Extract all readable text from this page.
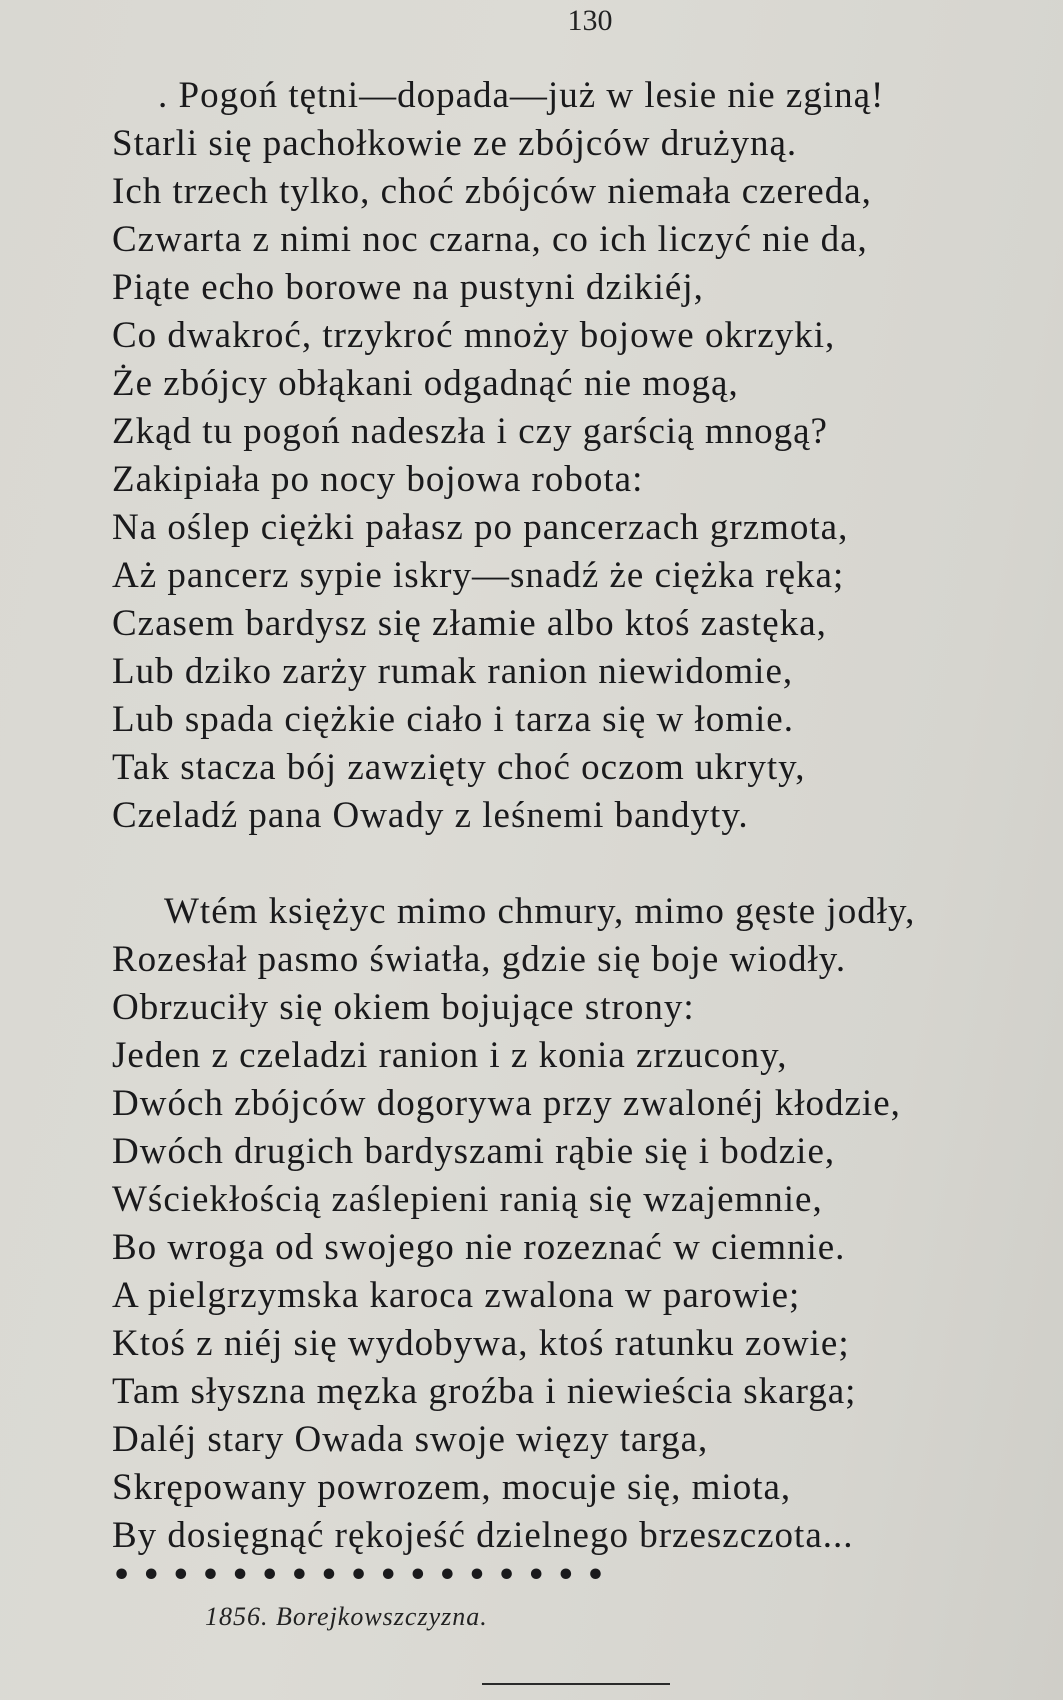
130
. Pogoń tętni—dopada—już w lesie nie zginą!
Starli się pachołkowie ze zbójców drużyną.
Ich trzech tylko, choć zbójców niemała czereda,
Czwarta z nimi noc czarna, co ich liczyć nie da,
Piąte echo borowe na pustyni dzikiéj,
Co dwakroć, trzykroć mnoży bojowe okrzyki,
Że zbójcy obłąkani odgadnąć nie mogą,
Zkąd tu pogoń nadeszła i czy garścią mnogą?
Zakipiała po nocy bojowa robota:
Na oślep ciężki pałasz po pancerzach grzmota,
Aż pancerz sypie iskry—snadź że ciężka ręka;
Czasem bardysz się złamie albo ktoś zastęka,
Lub dziko zarży rumak ranion niewidomie,
Lub spada ciężkie ciało i tarza się w łomie.
Tak stacza bój zawzięty choć oczom ukryty,
Czeladź pana Owady z leśnemi bandyty.
Wtém księżyc mimo chmury, mimo gęste jodły,
Rozesłał pasmo światła, gdzie się boje wiodły.
Obrzuciły się okiem bojujące strony:
Jeden z czeladzi ranion i z konia zrzucony,
Dwóch zbójców dogorywa przy zwalonéj kłodzie,
Dwóch drugich bardyszami rąbie się i bodzie,
Wściekłością zaślepieni ranią się wzajemnie,
Bo wroga od swojego nie rozeznać w ciemnie.
A pielgrzymska karoca zwalona w parowie;
Ktoś z niéj się wydobywa, ktoś ratunku zowie;
Tam słyszna męzka groźba i niewieścia skarga;
Daléj stary Owada swoje więzy targa,
Skrępowany powrozem, mocuje się, miota,
By dosięgnąć rękojeść dzielnego brzeszczota...
• • • • • • • • • • • • • • • • •
1856. Borejkowszczyzna.
